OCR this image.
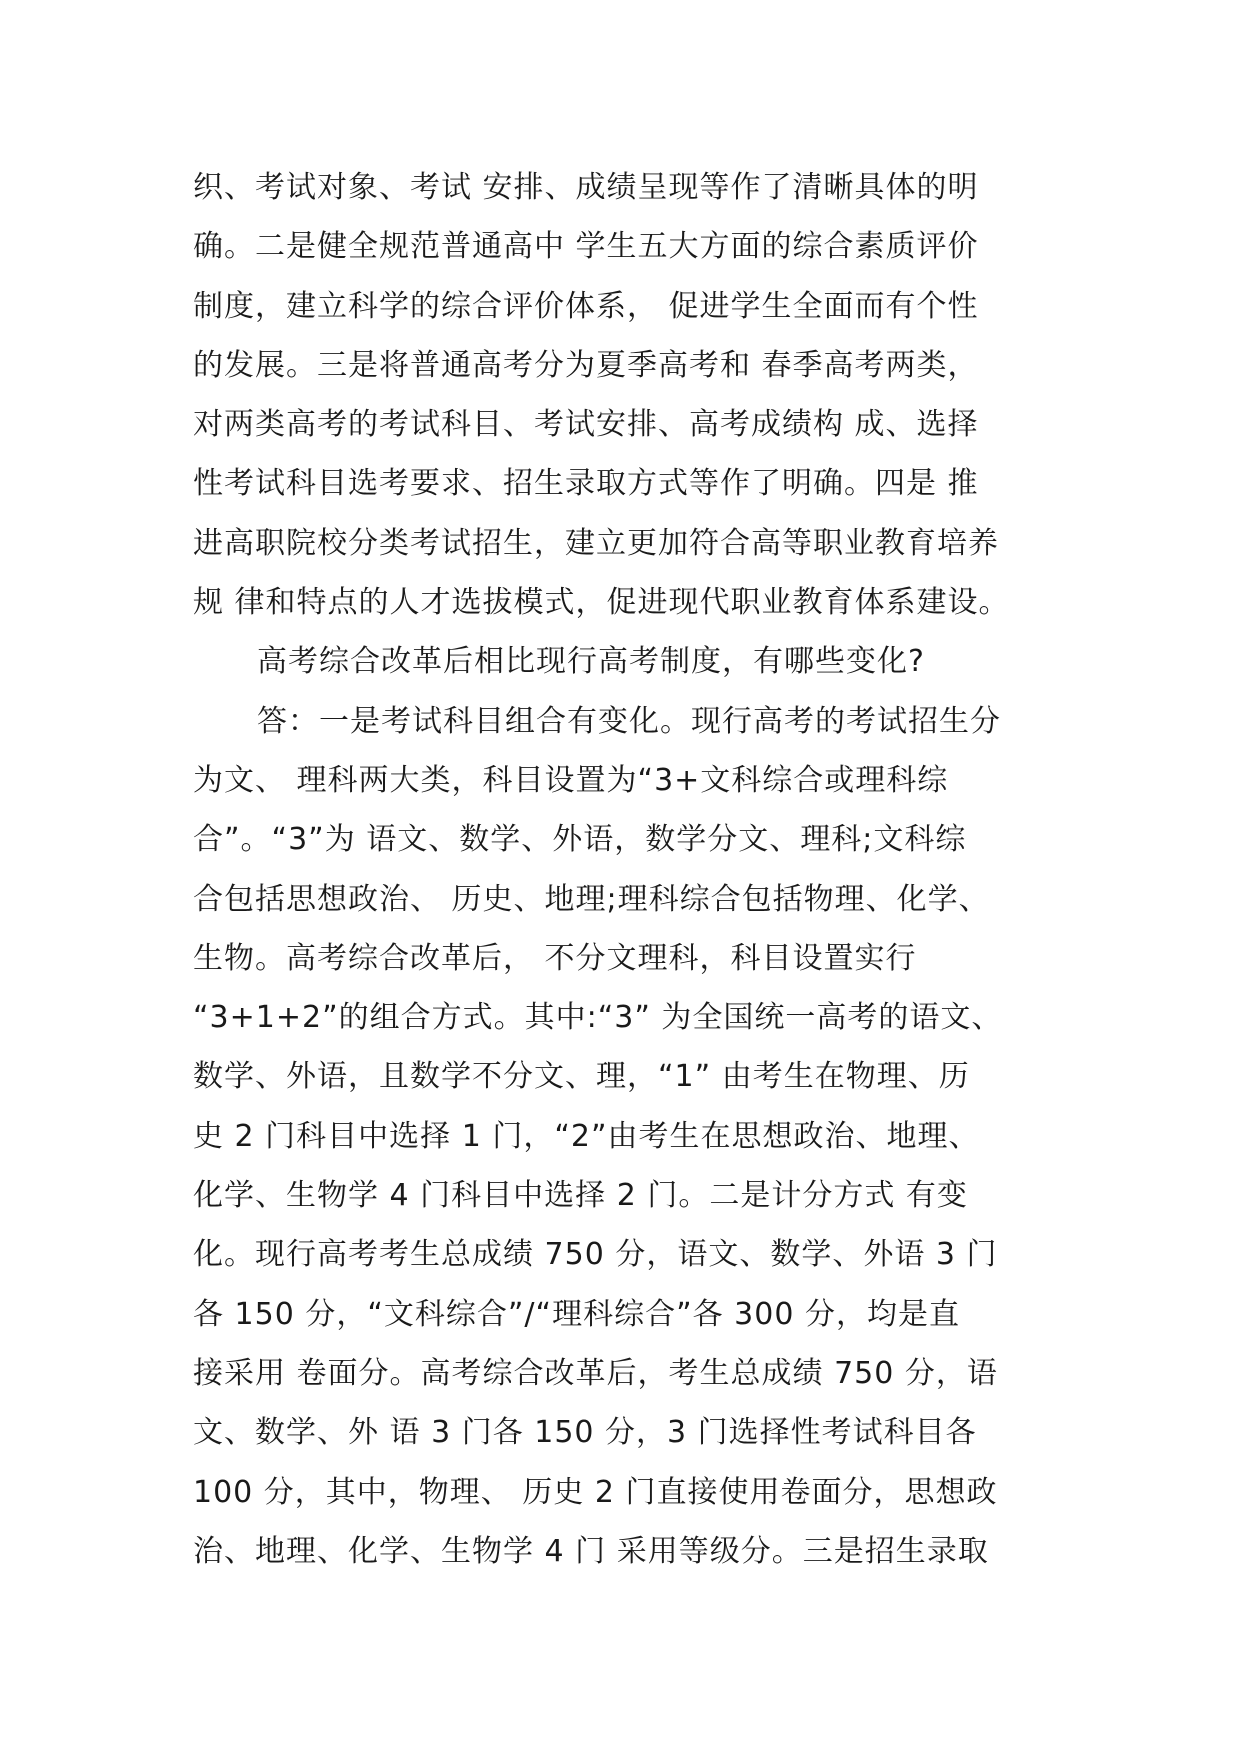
织、考试对象、考试 安排、成绩呈现等作了清晰具体的明
确。二是健全规范普通高中 学生五大方面的综合素质评价
制度，建立科学的综合评价体系， 促进学生全面而有个性
的发展。三是将普通高考分为夏季高考和 春季高考两类，
对两类高考的考试科目、考试安排、高考成绩构 成、选择
性考试科目选考要求、招生录取方式等作了明确。四是 推
进高职院校分类考试招生，建立更加符合高等职业教育培养
规 律和特点的人才选拔模式，促进现代职业教育体系建设。
高考综合改革后相比现行高考制度，有哪些变化?
答：一是考试科目组合有变化。现行高考的考试招生分
为文、 理科两大类，科目设置为“3+文科综合或理科综
合”。“3”为 语文、数学、外语，数学分文、理科;文科综
合包括思想政治、 历史、地理;理科综合包括物理、化学、
生物。高考综合改革后， 不分文理科，科目设置实行
“3+1+2”的组合方式。其中:“3” 为全国统一高考的语文、
数学、外语，且数学不分文、理，“1” 由考生在物理、历
史 2 门科目中选择 1 门，“2”由考生在思想政治、地理、
化学、生物学 4 门科目中选择 2 门。二是计分方式 有变
化。现行高考考生总成绩 750 分，语文、数学、外语 3 门
各 150 分，“文科综合”/“理科综合”各 300 分，均是直
接采用 卷面分。高考综合改革后，考生总成绩 750 分，语
文、数学、外 语 3 门各 150 分，3 门选择性考试科目各
100 分，其中，物理、 历史 2 门直接使用卷面分，思想政
治、地理、化学、生物学 4 门 采用等级分。三是招生录取
